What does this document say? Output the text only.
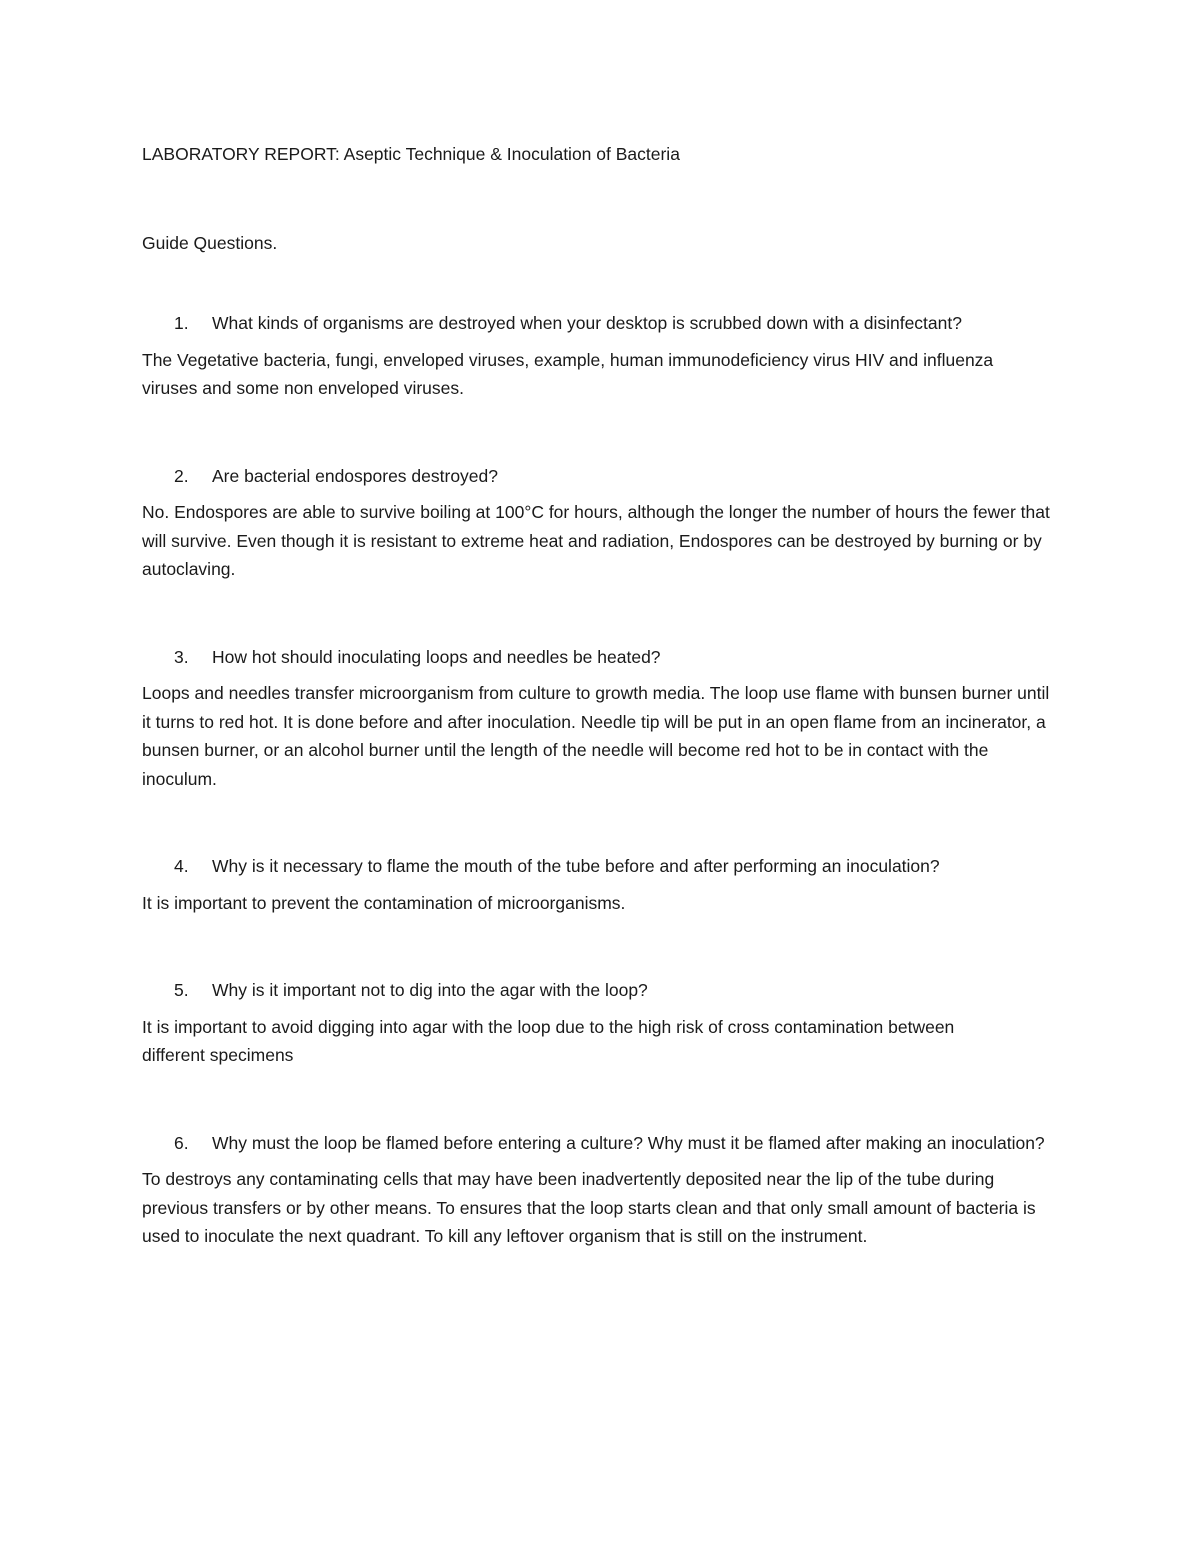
LABORATORY REPORT: Aseptic Technique & Inoculation of Bacteria

Guide Questions.

1.	What kinds of organisms are destroyed when your desktop is scrubbed down with a disinfectant?

The Vegetative bacteria, fungi, enveloped viruses, example, human immunodeficiency virus HIV and influenza viruses and some non enveloped viruses.

2.	Are bacterial endospores destroyed?

No. Endospores are able to survive boiling at 100°C for hours, although the longer the number of hours the fewer that will survive. Even though it is resistant to extreme heat and radiation, Endospores can be destroyed by burning or by autoclaving.

3.	How hot should inoculating loops and needles be heated?

Loops and needles transfer microorganism from culture to growth media. The loop use flame with bunsen burner until it turns to red hot. It is done before and after inoculation. Needle tip will be put in an open flame from an incinerator, a bunsen burner, or an alcohol burner until the length of the needle will become red hot to be in contact with the inoculum.

4.	Why is it necessary to flame the mouth of the tube before and after performing an inoculation?

It is important to prevent the contamination of microorganisms.

5.	Why is it important not to dig into the agar with the loop?

It is important to avoid digging into agar with the loop due to the high risk of cross contamination between different specimens

6.	Why must the loop be flamed before entering a culture? Why must it be flamed after making an inoculation?

To destroys any contaminating cells that may have been inadvertently deposited near the lip of the tube during previous transfers or by other means. To ensures that the loop starts clean and that only small amount of bacteria is used to inoculate the next quadrant. To kill any leftover organism that is still on the instrument.
